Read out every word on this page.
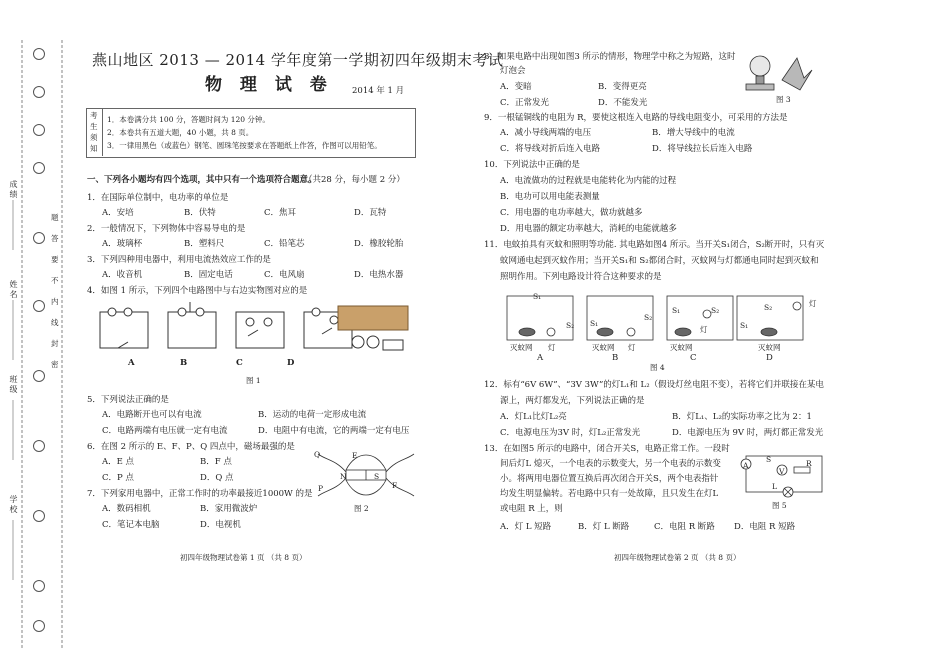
成绩
姓名
班级
学校
题
答
要
不
内
线
封
密
燕山地区 2013 — 2014 学年度第一学期初四年级期末考试
物 理 试 卷 2014 年 1 月
考
生
须
知
1．本卷满分共 100 分，答题时间为 120 分钟。
2．本卷共有五道大题，40 小题，共 8 页。
3．一律用黑色（或蓝色）钢笔、圆珠笔按要求在答题纸上作答，作图可以用铅笔。
一、下列各小题均有四个选项，其中只有一个选项符合题意。
（共28 分，每小题 2 分）
1．在国际单位制中，电功率的单位是
A．安培	B．伏特	C．焦耳	D．瓦特
2．一般情况下，下列物体中容易导电的是
A．玻璃杯	B．塑料尺	C．铅笔芯	D．橡胶轮胎
3．下列四种用电器中，利用电流热效应工作的是
A．收音机	B．固定电话	C．电风扇	D．电热水器
4．如图 1 所示，下列四个电路图中与右边实物图对应的是
A	B	C	D
图 1
5．下列说法正确的是
A．电路断开也可以有电流	B．运动的电荷一定形成电流
C．电路两端有电压就一定有电流	D．电阻中有电流，它的两端一定有电压
6．在图 2 所示的 E、F、P、Q 四点中，磁场最强的是
A．E 点	B．F 点
C．P 点	D．Q 点	N	S
Q	E
F
P
图 2
7．下列家用电器中，正常工作时的功率最接近1000W 的是
A．数码相机	B．家用微波炉
C．笔记本电脑	D．电视机
初四年级物理试卷第 1 页 （共 8 页）
8．如果电路中出现如图3 所示的情形，物理学中称之为短路，这时
灯泡会
A．变暗	B．变得更亮
C．正常发光	D．不能发光	图 3
9．一根锰铜线的电阻为 R，要使这根连入电路的导线电阻变小，可采用的方法是
A．减小导线两端的电压	B．增大导线中的电流
C．将导线对折后连入电路	D．将导线拉长后连入电路
10．下列说法中正确的是
A．电流做功的过程就是电能转化为内能的过程
B．电功可以用电能表测量
C．用电器的电功率越大，做功就越多
D．用电器的额定功率越大，消耗的电能就越多
11．电蚊拍具有灭蚊和照明等功能. 其电路如图4 所示。当开关S₁闭合，S₂断开时，只有灭
蚊网通电起到灭蚊作用；当开关S₁和 S₂都闭合时，灭蚊网与灯都通电同时起到灭蚊和
照明作用。下列电路设计符合这种要求的是
S₁
S₂ S₁
S₂
S₁	S₂
S₁
S₂	灯
灭蚊网 灯	灭蚊网 灯	灭蚊网
灯
灭蚊网
A	B	C	D
图 4
12．标有“6V 6W”、“3V 3W”的灯L₁和 L₂（假设灯丝电阻不变），若将它们并联接在某电
源上，两灯都发光，下列说法正确的是
A．灯L₁比灯L₂亮	B．灯L₁、L₂的实际功率之比为 2：1
C．电源电压为3V 时，灯L₂正常发光	D．电源电压为 9V 时，两灯都正常发光
13．在如图5 所示的电路中，闭合开关S，电路正常工作。一段时
间后灯L 熄灭，一个电表的示数变大，另一个电表的示数变
小。将两用电器位置互换后再次闭合开关S，两个电表指针
均发生明显偏转。若电路中只有一处故障，且只发生在灯L
或电阻 R 上，则
A．灯 L 短路	B．灯 L 断路	C．电阻 R 断路 D．电阻 R 短路
A
V
R
S
L
图 5
初四年级物理试卷第 2 页 （共 8 页）
